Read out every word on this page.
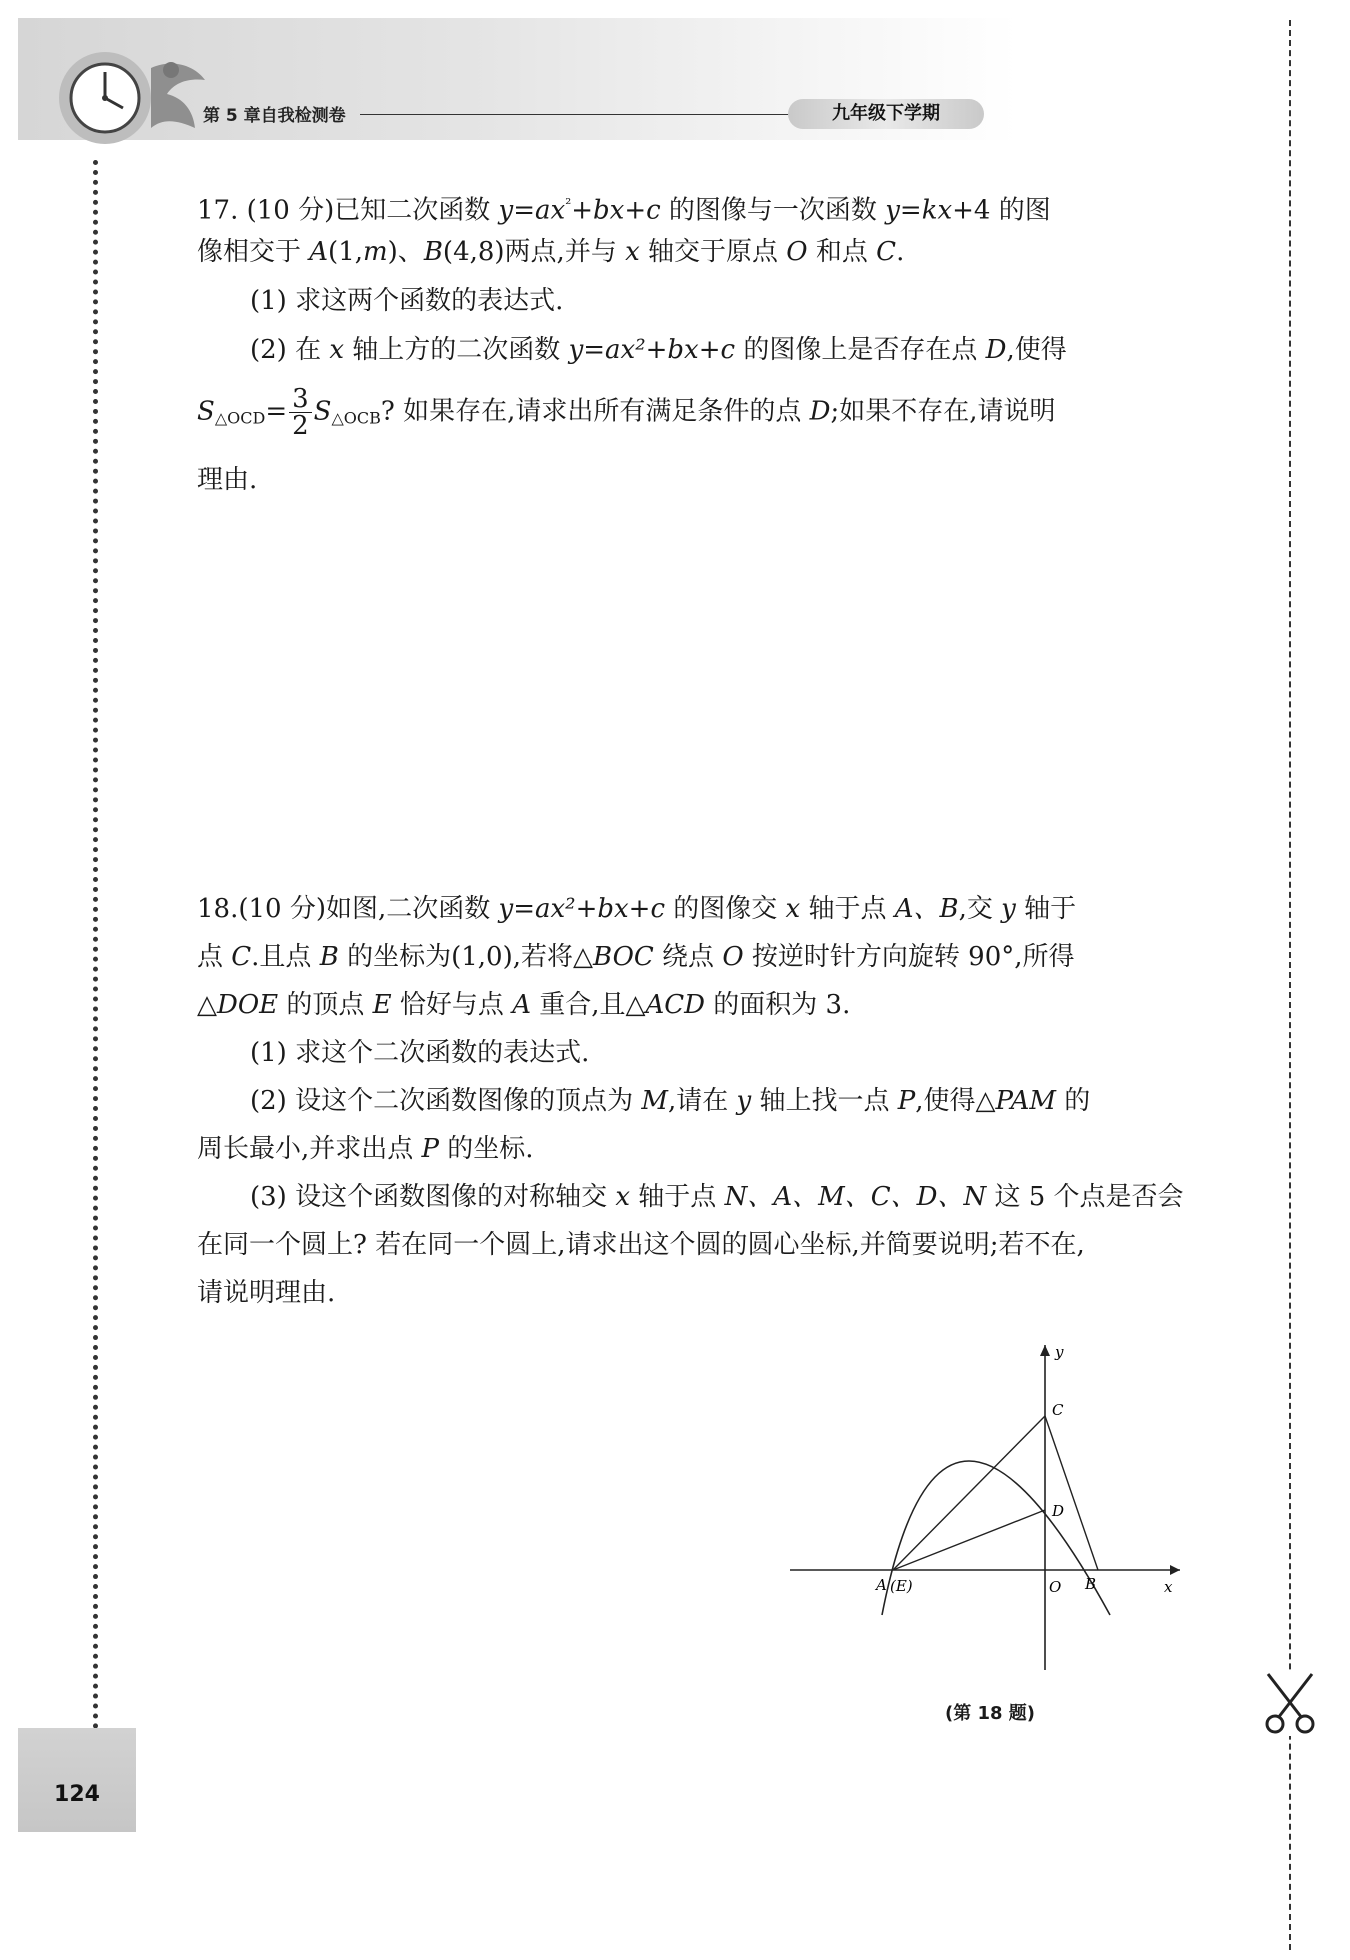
第 5 章自我检测卷	九年级下学期
124
17. (10 分)已知二次函数 $y=ax^{^2}+bx+c$ 的图像与一次函数 y=kx+4 的图
像相交于 A(1,m)、B(4,8)两点,并与 x 轴交于原点 O 和点 C.
(1) 求这两个函数的表达式.
(2) 在 x 轴上方的二次函数 y=ax²+bx+c 的图像上是否存在点 D,使得
$S_{\triangle OCD}= \frac{3}{2} S_{\triangle OCB}$? 如果存在,请求出所有满足条件的点 D;如果不存在,请说明
理由.
18.(10 分)如图,二次函数 y=ax²+bx+c 的图像交 x 轴于点 A、B,交 y 轴于
点 C.且点 B 的坐标为(1,0),若将△BOC 绕点 O 按逆时针方向旋转 90°,所得
△DOE 的顶点 E 恰好与点 A 重合,且△ACD 的面积为 3.
(1) 求这个二次函数的表达式.
(2) 设这个二次函数图像的顶点为 M,请在 y 轴上找一点 P,使得△PAM 的
周长最小,并求出点 P 的坐标.
(3) 设这个函数图像的对称轴交 x 轴于点 N、A、M、C、D、N 这 5 个点是否会
在同一个圆上? 若在同一个圆上,请求出这个圆的圆心坐标,并简要说明;若不在,
请说明理由.
y
C
D
A (E)	O B	x
(第 18 题)
